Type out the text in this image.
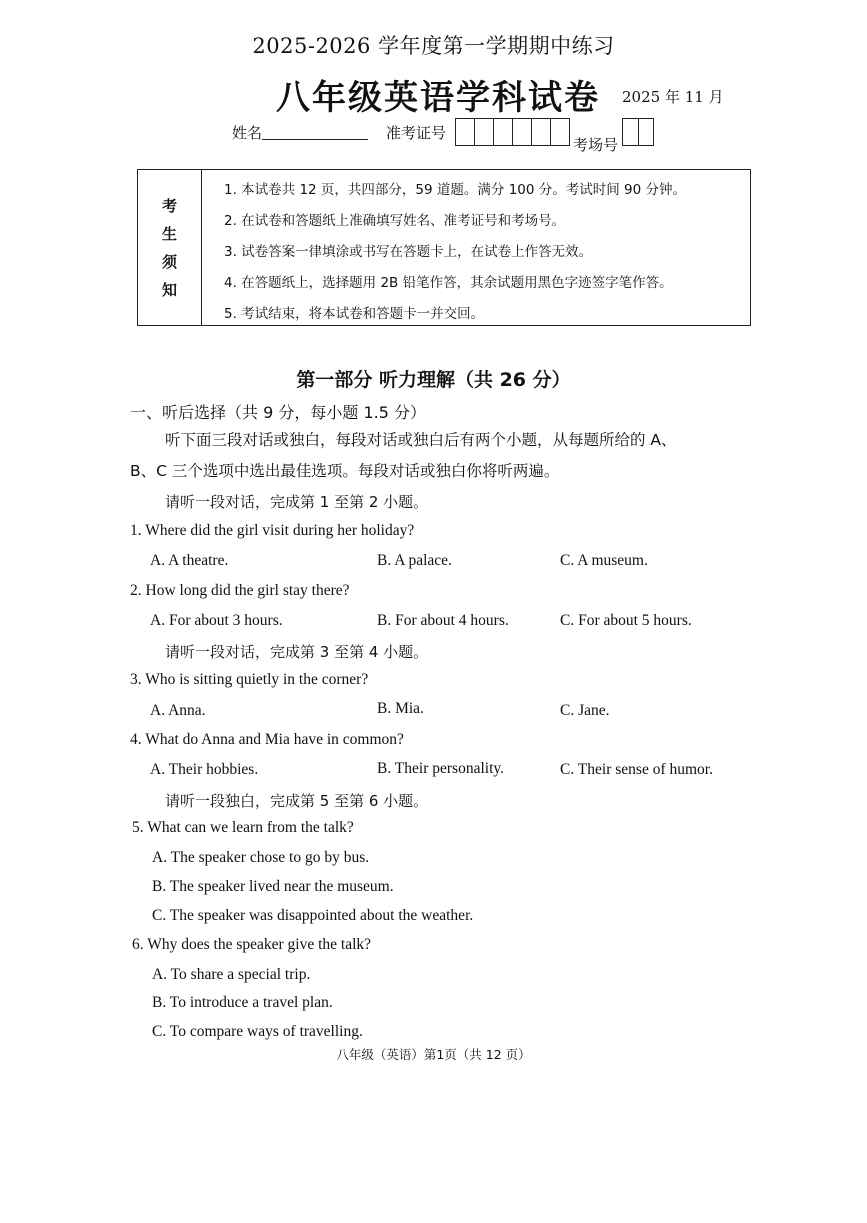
2025-2026 学年度第一学期期中练习
八年级英语学科试卷 2025 年 11 月
姓名	准考证号
考场号
考
生
须
知
1. 本试卷共 12 页，共四部分，59 道题。满分 100 分。考试时间 90 分钟。
2. 在试卷和答题纸上准确填写姓名、准考证号和考场号。
3. 试卷答案一律填涂或书写在答题卡上，在试卷上作答无效。
4. 在答题纸上，选择题用 2B 铅笔作答，其余试题用黑色字迹签字笔作答。
5. 考试结束，将本试卷和答题卡一并交回。
第一部分 听力理解（共 26 分）
一、听后选择（共 9 分，每小题 1.5 分）
听下面三段对话或独白，每段对话或独白后有两个小题，从每题所给的 A、
B、C 三个选项中选出最佳选项。每段对话或独白你将听两遍。
请听一段对话，完成第 1 至第 2 小题。
1. Where did the girl visit during her holiday?
A. A theatre.	B. A palace.	C. A museum.
2. How long did the girl stay there?
A. For about 3 hours.	B. For about 4 hours.	C. For about 5 hours.
请听一段对话，完成第 3 至第 4 小题。
3. Who is sitting quietly in the corner?
A. Anna.	B. Mia.	C. Jane.
4. What do Anna and Mia have in common?
A. Their hobbies.	B. Their personality.	C. Their sense of humor.
请听一段独白，完成第 5 至第 6 小题。
5. What can we learn from the talk?
A. The speaker chose to go by bus.
B. The speaker lived near the museum.
C. The speaker was disappointed about the weather.
6. Why does the speaker give the talk?
A. To share a special trip.
B. To introduce a travel plan.
C. To compare ways of travelling.
八年级（英语）第1页（共 12 页）
